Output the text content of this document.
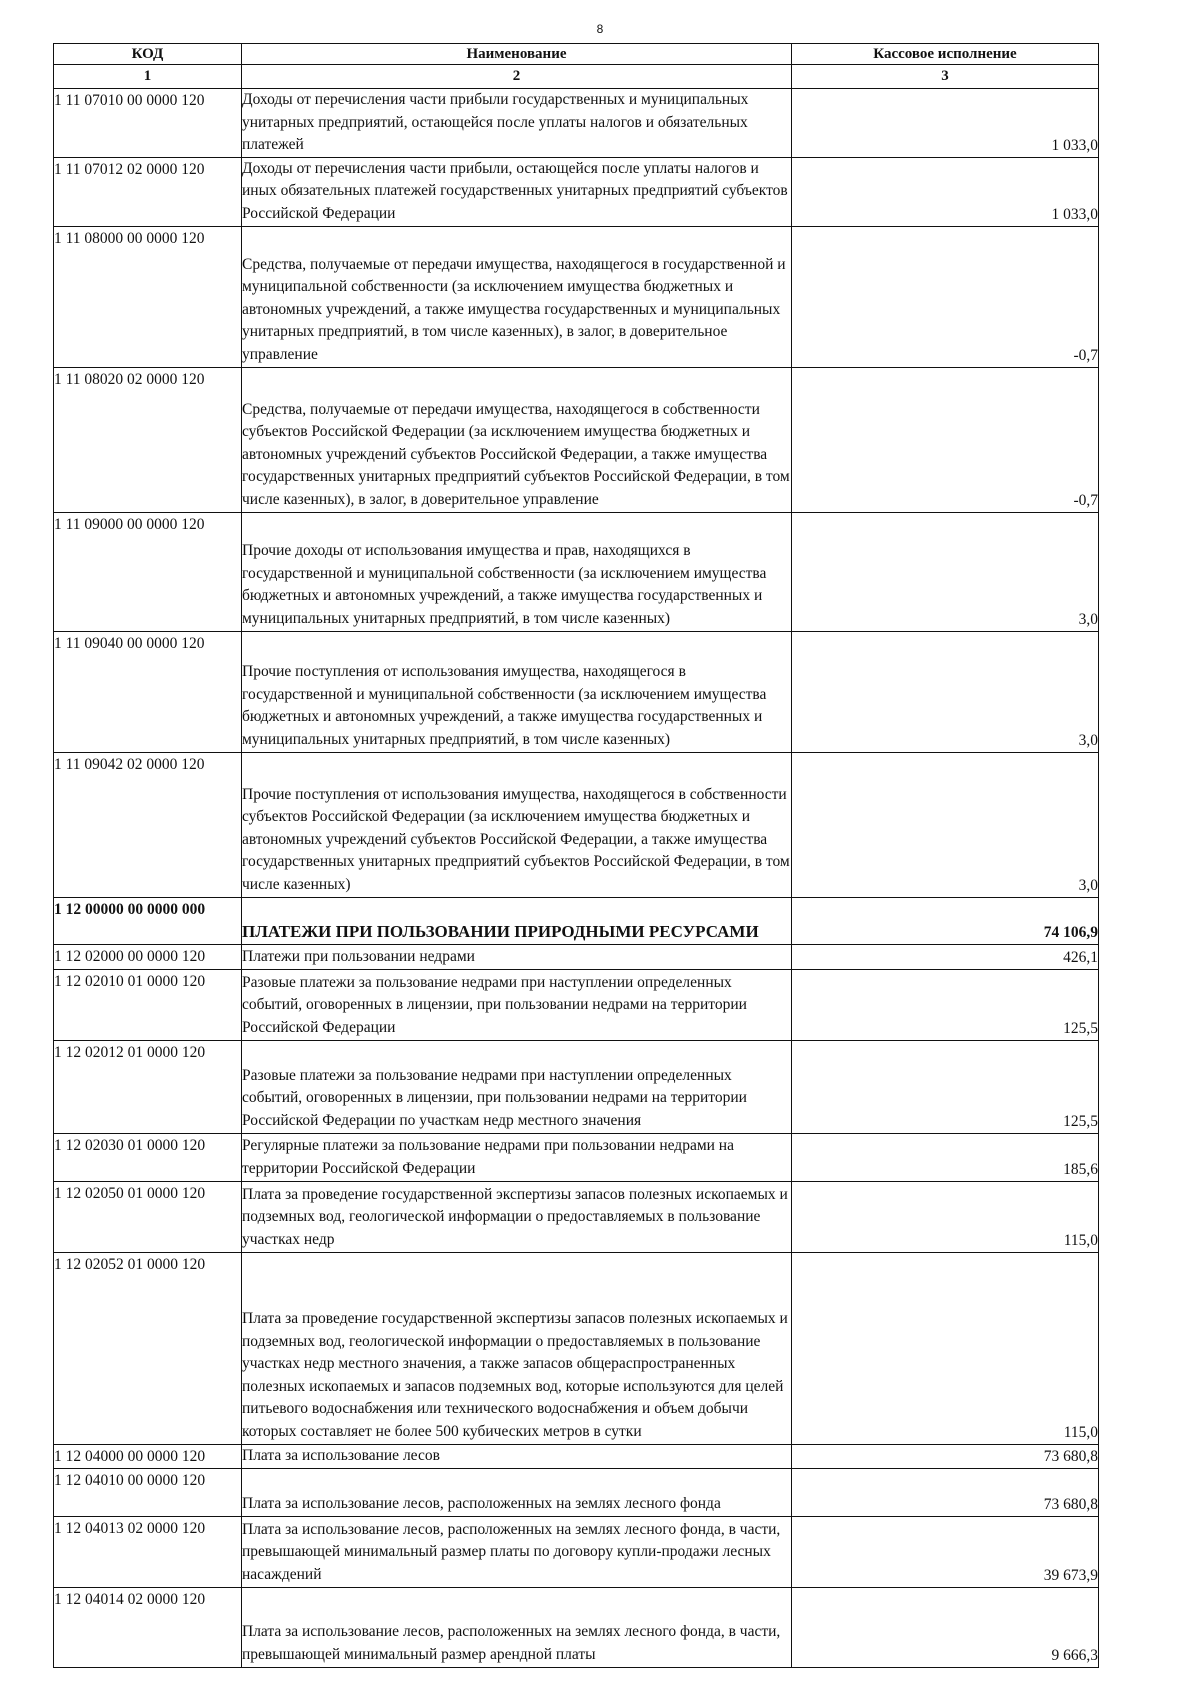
8
КОД	Наименование	Кассовое исполнение
1	2	3
1 11 07010 00 0000 120	Доходы от перечисления части прибыли государственных и муниципальных унитарных предприятий, остающейся после уплаты налогов и обязательных платежей	1 033,0
1 11 07012 02 0000 120	Доходы от перечисления части прибыли, остающейся после уплаты налогов и иных обязательных платежей государственных унитарных предприятий субъектов Российской Федерации	1 033,0
1 11 08000 00 0000 120	Средства, получаемые от передачи имущества, находящегося в государственной и муниципальной собственности (за исключением имущества бюджетных и автономных учреждений, а также имущества государственных и муниципальных унитарных предприятий, в том числе казенных), в залог, в доверительное управление	-0,7
1 11 08020 02 0000 120	Средства, получаемые от передачи имущества, находящегося в собственности субъектов Российской Федерации (за исключением имущества бюджетных и автономных учреждений субъектов Российской Федерации, а также имущества государственных унитарных предприятий субъектов Российской Федерации, в том числе казенных), в залог, в доверительное управление	-0,7
1 11 09000 00 0000 120	Прочие доходы от использования имущества и прав, находящихся в государственной и муниципальной собственности (за исключением имущества бюджетных и автономных учреждений, а также имущества государственных и муниципальных унитарных предприятий, в том числе казенных)	3,0
1 11 09040 00 0000 120	Прочие поступления от использования имущества, находящегося в государственной и муниципальной собственности (за исключением имущества бюджетных и автономных учреждений, а также имущества государственных и муниципальных унитарных предприятий, в том числе казенных)	3,0
1 11 09042 02 0000 120	Прочие поступления от использования имущества, находящегося в собственности субъектов Российской Федерации (за исключением имущества бюджетных и автономных учреждений субъектов Российской Федерации, а также имущества государственных унитарных предприятий субъектов Российской Федерации, в том числе казенных)	3,0
1 12 00000 00 0000 000	ПЛАТЕЖИ ПРИ ПОЛЬЗОВАНИИ ПРИРОДНЫМИ РЕСУРСАМИ	74 106,9
1 12 02000 00 0000 120	Платежи при пользовании недрами	426,1
1 12 02010 01 0000 120	Разовые платежи за пользование недрами при наступлении определенных событий, оговоренных в лицензии, при пользовании недрами на территории Российской Федерации	125,5
1 12 02012 01 0000 120	Разовые платежи за пользование недрами при наступлении определенных событий, оговоренных в лицензии, при пользовании недрами на территории Российской Федерации по участкам недр местного значения	125,5
1 12 02030 01 0000 120	Регулярные платежи за пользование недрами при пользовании недрами на территории Российской Федерации	185,6
1 12 02050 01 0000 120	Плата за проведение государственной экспертизы запасов полезных ископаемых и подземных вод, геологической информации о предоставляемых в пользование участках недр	115,0
1 12 02052 01 0000 120	Плата за проведение государственной экспертизы запасов полезных ископаемых и подземных вод, геологической информации о предоставляемых в пользование участках недр местного значения, а также запасов общераспространенных полезных ископаемых и запасов подземных вод, которые используются для целей питьевого водоснабжения или технического водоснабжения и объем добычи которых составляет не более 500 кубических метров в сутки	115,0
1 12 04000 00 0000 120	Плата за использование лесов	73 680,8
1 12 04010 00 0000 120	Плата за использование лесов, расположенных на землях лесного фонда	73 680,8
1 12 04013 02 0000 120	Плата за использование лесов, расположенных на землях лесного фонда, в части, превышающей минимальный размер платы по договору купли-продажи лесных насаждений	39 673,9
1 12 04014 02 0000 120	Плата за использование лесов, расположенных на землях лесного фонда, в части, превышающей минимальный размер арендной платы	9 666,3
